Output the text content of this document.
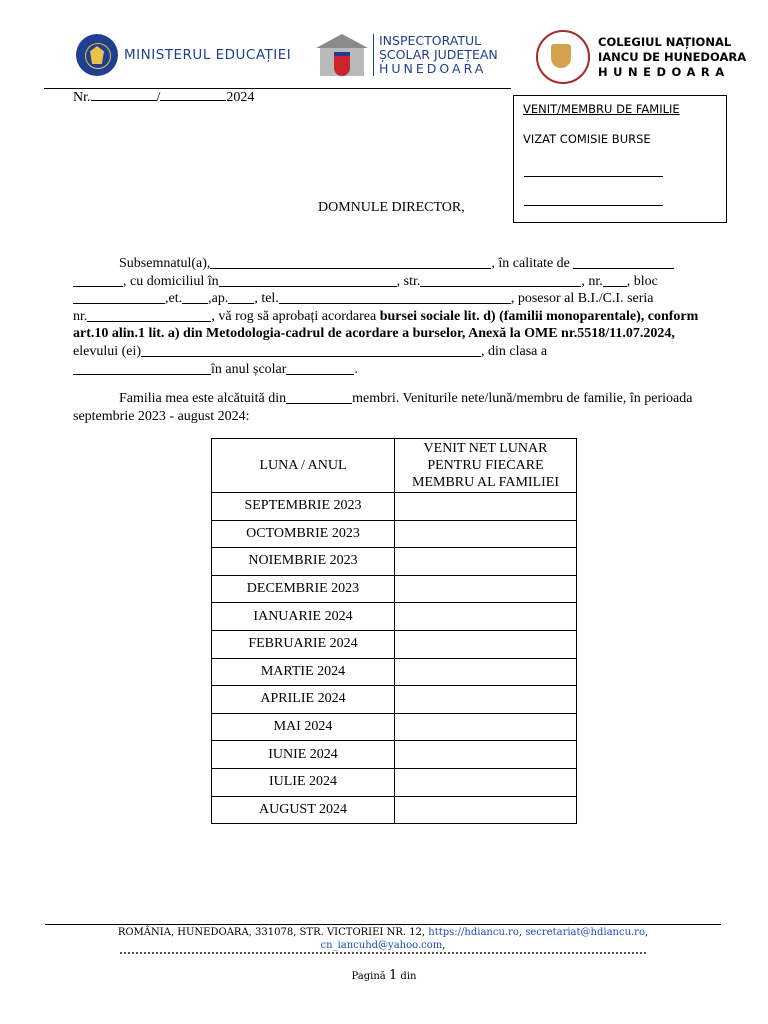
MINISTERUL EDUCAȚIEI
INSPECTORATUL
ȘCOLAR JUDEȚEAN
HUNEDOARA
COLEGIUL NAȚIONAL
IANCU DE HUNEDOARA
HUNEDOARA
Nr.	/	2024
VENIT/MEMBRU DE FAMILIE
VIZAT COMISIE BURSE
DOMNULE DIRECTOR,
Subsemnatul(a),	, în calitate de
, cu domiciliul în	, str.	, nr. , bloc
,et. ,ap. , tel.	, posesor al B.I./C.I. seria
nr.	, vă rog să aprobați acordarea bursei sociale lit. d) (familii monoparentale), conform art.10 alin.1 lit. a) din Metodologia-cadrul de acordare a burselor, Anexă la OME nr.5518/11.07.2024, elevului (ei)	, din clasa a
în anul școlar	.
Familia mea este alcătuită din	membri. Veniturile nete/lună/membru de familie, în perioada septembrie 2023 - august 2024:
LUNA / ANUL	VENIT NET LUNAR PENTRU FIECARE MEMBRU AL FAMILIEI
SEPTEMBRIE 2023	
OCTOMBRIE 2023	
NOIEMBRIE 2023	
DECEMBRIE 2023	
IANUARIE 2024	
FEBRUARIE 2024	
MARTIE 2024	
APRILIE 2024	
MAI 2024	
IUNIE 2024	
IULIE 2024	
AUGUST 2024	
ROMÂNIA, HUNEDOARA, 331078, STR. VICTORIEI NR. 12, https://hdiancu.ro, secretariat@hdiancu.ro,
cn_iancuhd@yahoo.com,
Pagină 1 din
